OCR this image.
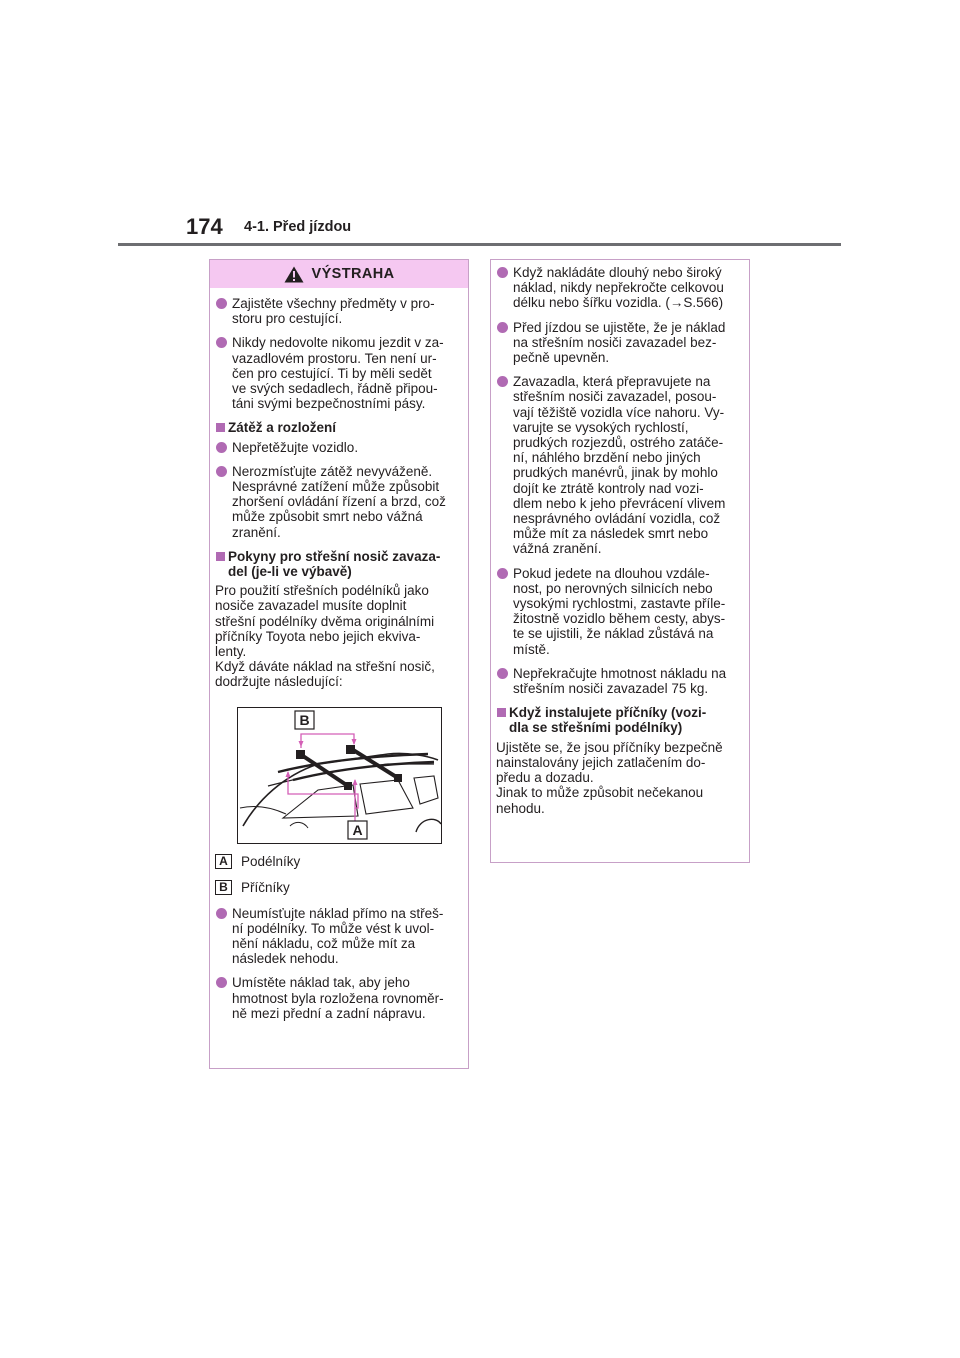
174 4-1. Před jízdou
VÝSTRAHA
Zajistěte všechny předměty v pro-
storu pro cestující.
Nikdy nedovolte nikomu jezdit v za-
vazadlovém prostoru. Ten není ur-
čen pro cestující. Ti by měli sedět
ve svých sedadlech, řádně připou-
táni svými bezpečnostními pásy.
Zátěž a rozložení
Nepřetěžujte vozidlo.
Nerozmísťujte zátěž nevyváženě.
Nesprávné zatížení může způsobit
zhoršení ovládání řízení a brzd, což
může způsobit smrt nebo vážná
zranění.
Pokyny pro střešní nosič zavaza-
del (je-li ve výbavě)
Pro použití střešních podélníků jako
nosiče zavazadel musíte doplnit
střešní podélníky dvěma originálními
příčníky Toyota nebo jejich ekviva-
lenty.
Když dáváte náklad na střešní nosič,
dodržujte následující:
B
A
A Podélníky
B Příčníky
Neumísťujte náklad přímo na střeš-
ní podélníky. To může vést k uvol-
nění nákladu, což může mít za
následek nehodu.
Umístěte náklad tak, aby jeho
hmotnost byla rozložena rovnoměr-
ně mezi přední a zadní nápravu.
Když nakládáte dlouhý nebo široký
náklad, nikdy nepřekročte celkovou
délku nebo šířku vozidla. (→S.566)
Před jízdou se ujistěte, že je náklad
na střešním nosiči zavazadel bez-
pečně upevněn.
Zavazadla, která přepravujete na
střešním nosiči zavazadel, posou-
vají těžiště vozidla více nahoru. Vy-
varujte se vysokých rychlostí,
prudkých rozjezdů, ostrého zatáče-
ní, náhlého brzdění nebo jiných
prudkých manévrů, jinak by mohlo
dojít ke ztrátě kontroly nad vozi-
dlem nebo k jeho převrácení vlivem
nesprávného ovládání vozidla, což
může mít za následek smrt nebo
vážná zranění.
Pokud jedete na dlouhou vzdále-
nost, po nerovných silnicích nebo
vysokými rychlostmi, zastavte příle-
žitostně vozidlo během cesty, abys-
te se ujistili, že náklad zůstává na
místě.
Nepřekračujte hmotnost nákladu na
střešním nosiči zavazadel 75 kg.
Když instalujete příčníky (vozi-
dla se střešními podélníky)
Ujistěte se, že jsou příčníky bezpečně
nainstalovány jejich zatlačením do-
předu a dozadu.
Jinak to může způsobit nečekanou
nehodu.
